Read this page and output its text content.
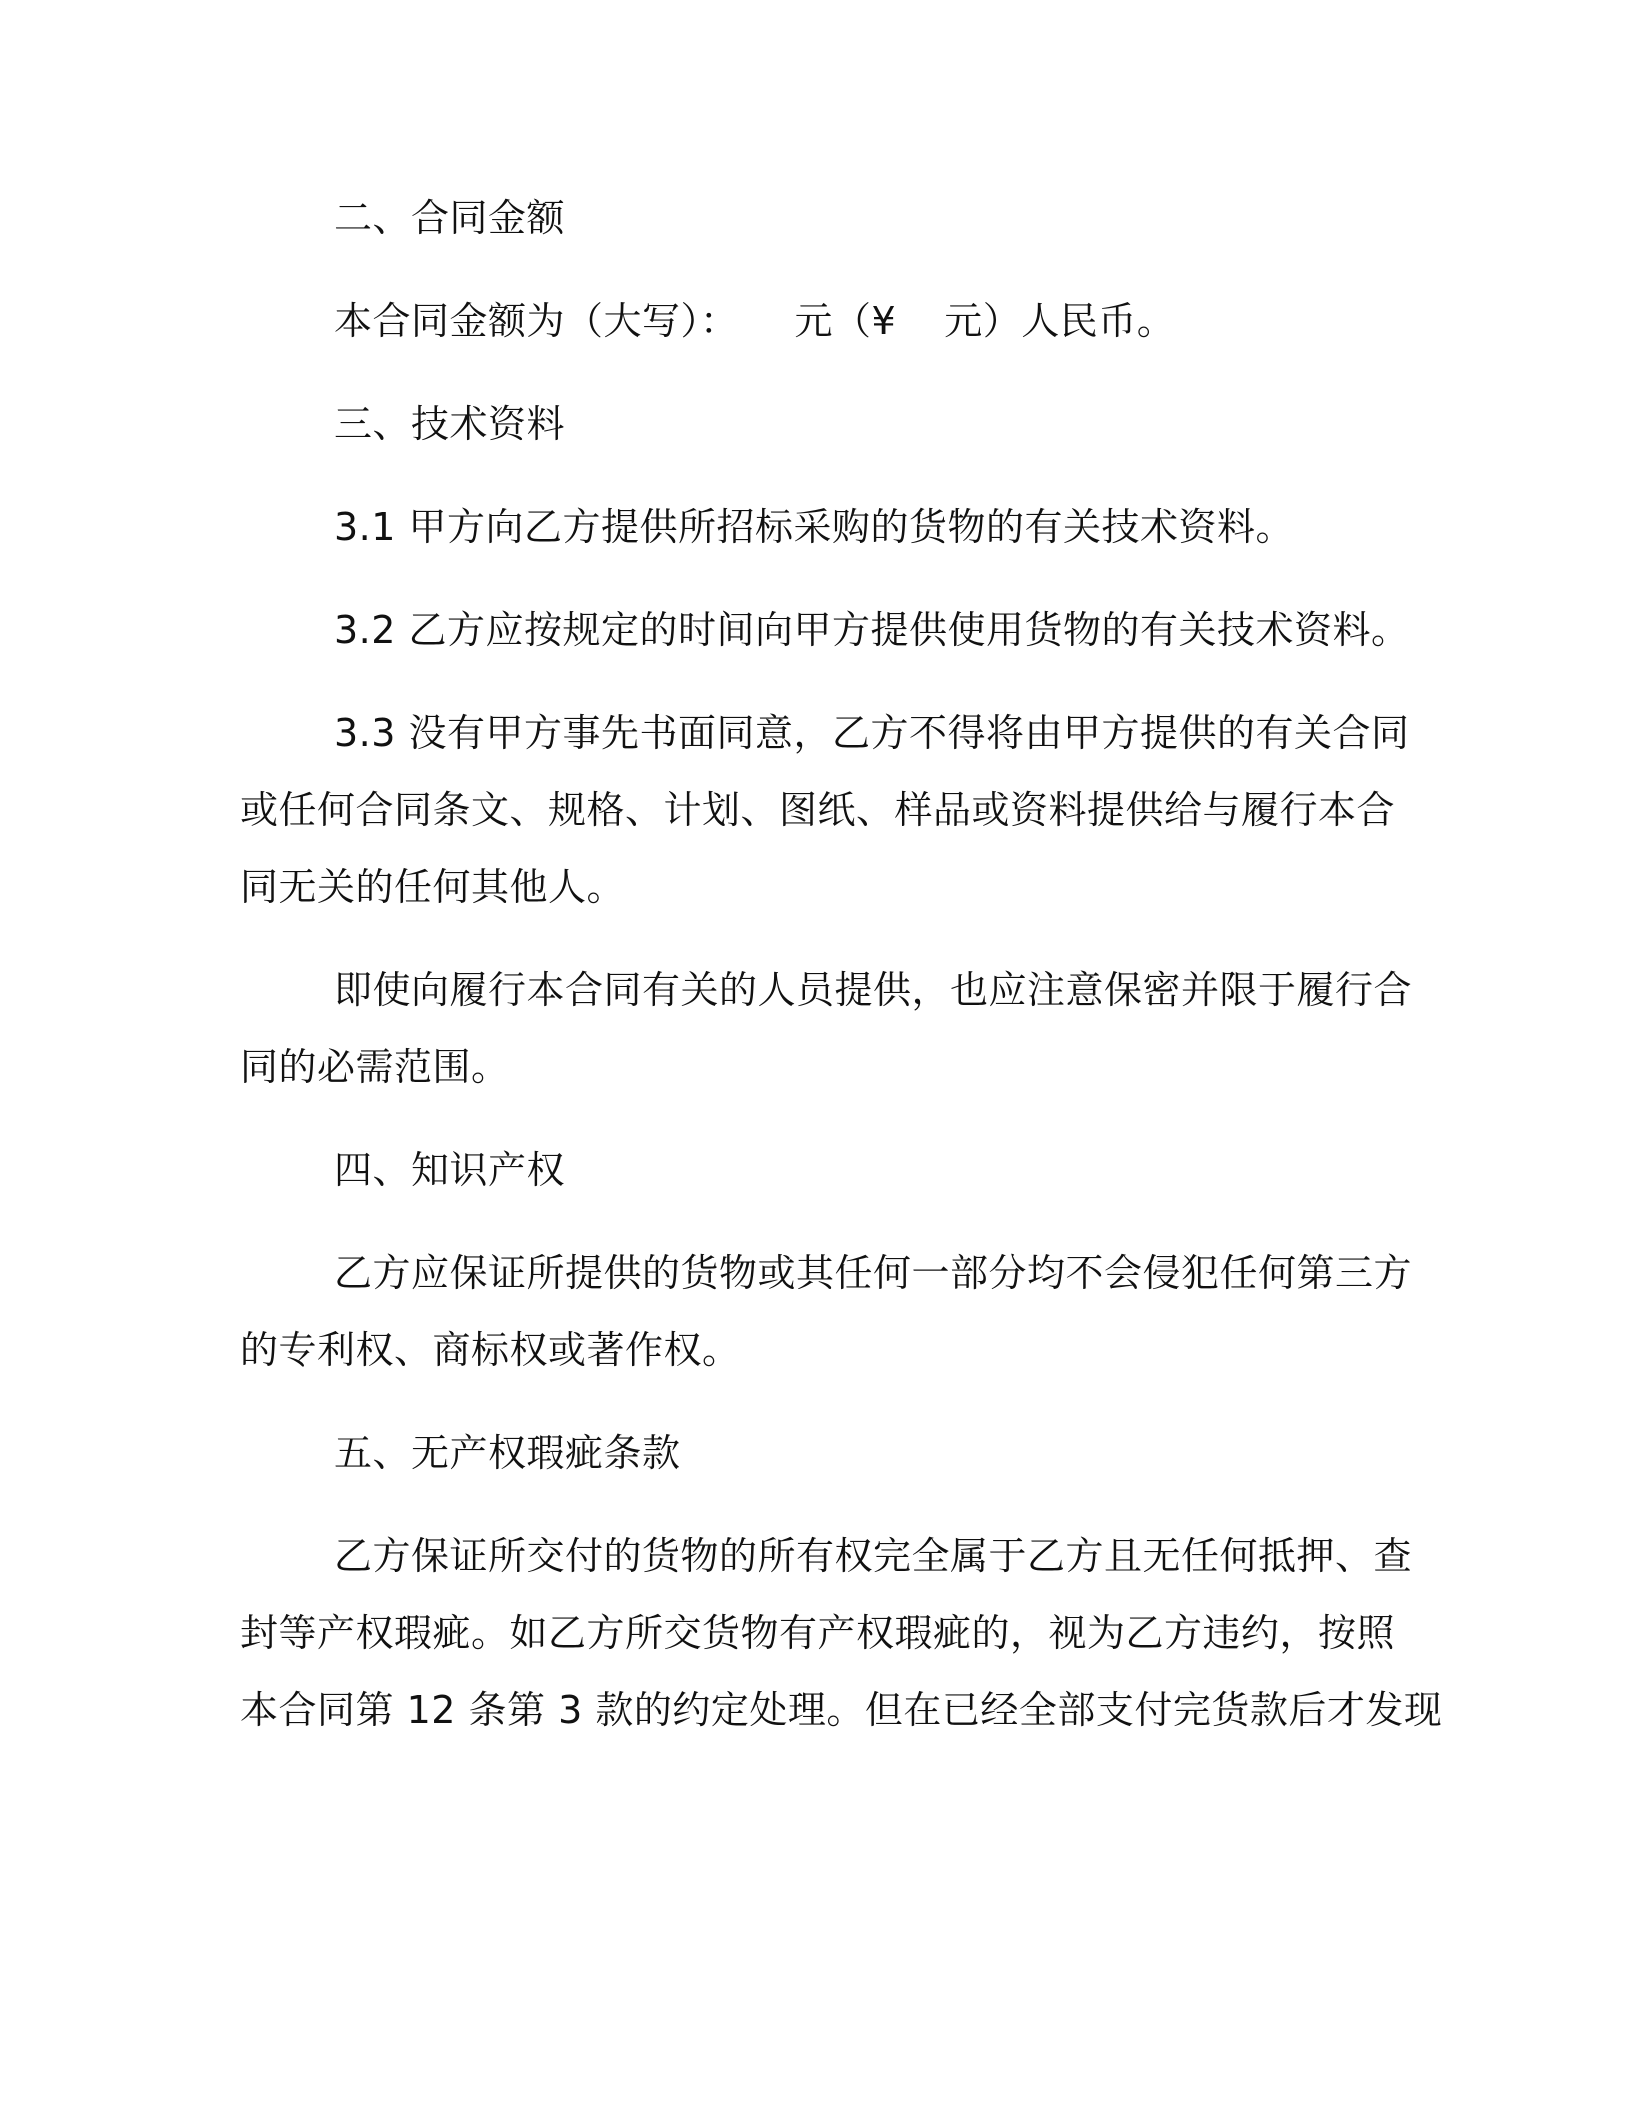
二、合同金额
本合同金额为（大写）： 元（¥ 元）人民币。
三、技术资料
3.1 甲方向乙方提供所招标采购的货物的有关技术资料。
3.2 乙方应按规定的时间向甲方提供使用货物的有关技术资料。
3.3 没有甲方事先书面同意，乙方不得将由甲方提供的有关合同
或任何合同条文、规格、计划、图纸、样品或资料提供给与履行本合
同无关的任何其他人。
即使向履行本合同有关的人员提供，也应注意保密并限于履行合
同的必需范围。
四、知识产权
乙方应保证所提供的货物或其任何一部分均不会侵犯任何第三方
的专利权、商标权或著作权。
五、无产权瑕疵条款
乙方保证所交付的货物的所有权完全属于乙方且无任何抵押、查
封等产权瑕疵。如乙方所交货物有产权瑕疵的，视为乙方违约，按照
本合同第 12 条第 3 款的约定处理。但在已经全部支付完货款后才发现
